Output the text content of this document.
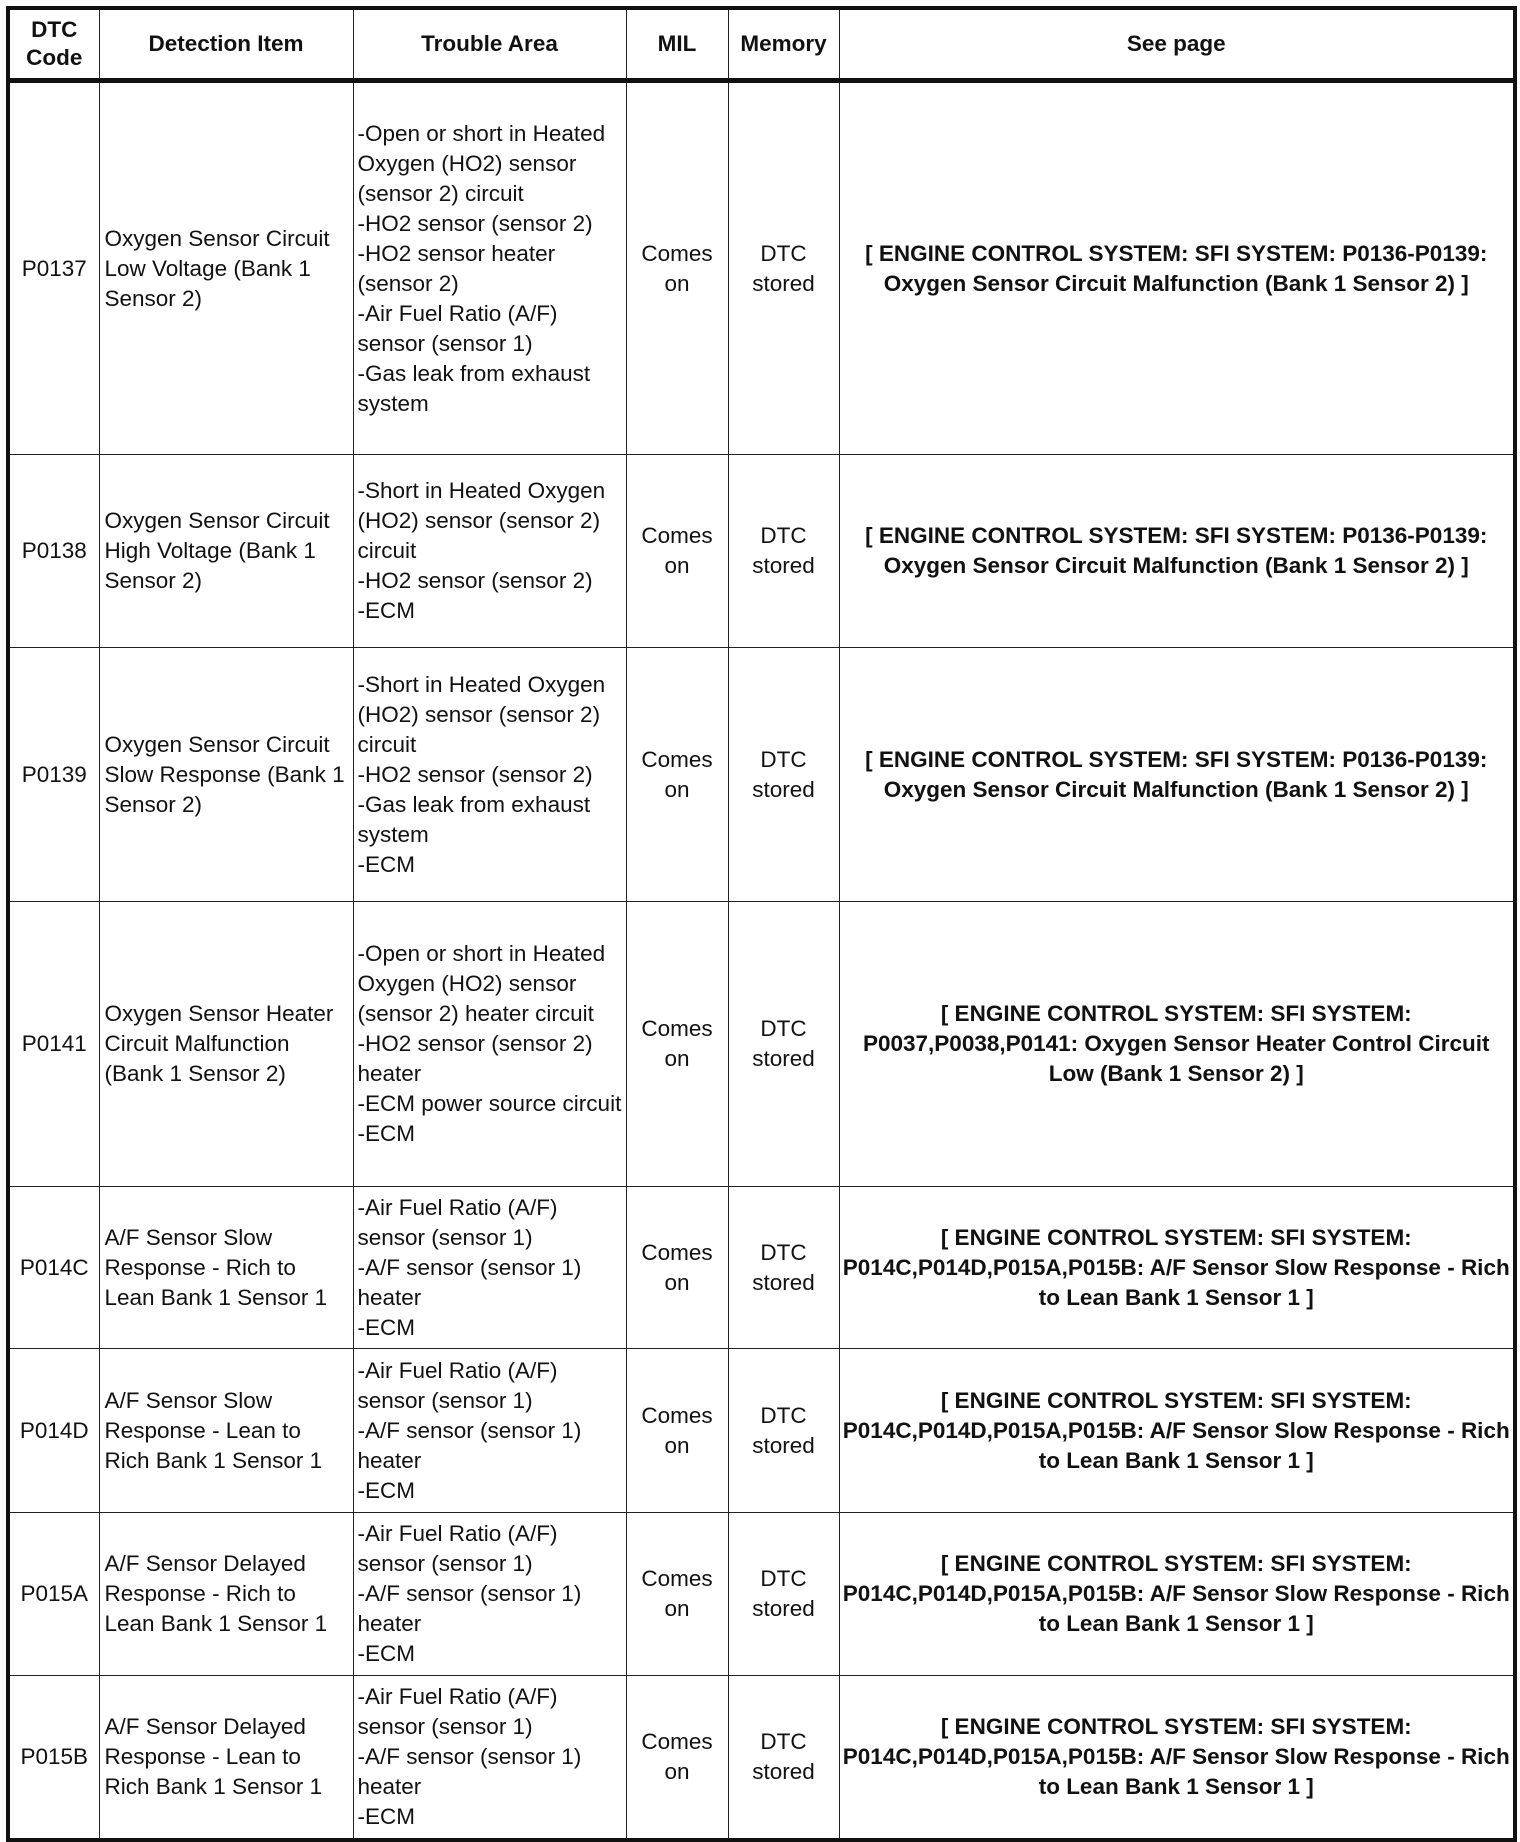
DTC Code	Detection Item	Trouble Area	MIL	Memory	See page
P0137	Oxygen Sensor Circuit Low Voltage (Bank 1 Sensor 2)	-Open or short in Heated Oxygen (HO2) sensor (sensor 2) circuit
-HO2 sensor (sensor 2)
-HO2 sensor heater (sensor 2)
-Air Fuel Ratio (A/F) sensor (sensor 1)
-Gas leak from exhaust system	Comes on	DTC stored	[ ENGINE CONTROL SYSTEM: SFI SYSTEM: P0136-P0139: Oxygen Sensor Circuit Malfunction (Bank 1 Sensor 2) ]
P0138	Oxygen Sensor Circuit High Voltage (Bank 1 Sensor 2)	-Short in Heated Oxygen (HO2) sensor (sensor 2) circuit
-HO2 sensor (sensor 2)
-ECM	Comes on	DTC stored	[ ENGINE CONTROL SYSTEM: SFI SYSTEM: P0136-P0139: Oxygen Sensor Circuit Malfunction (Bank 1 Sensor 2) ]
P0139	Oxygen Sensor Circuit Slow Response (Bank 1 Sensor 2)	-Short in Heated Oxygen (HO2) sensor (sensor 2) circuit
-HO2 sensor (sensor 2)
-Gas leak from exhaust system
-ECM	Comes on	DTC stored	[ ENGINE CONTROL SYSTEM: SFI SYSTEM: P0136-P0139: Oxygen Sensor Circuit Malfunction (Bank 1 Sensor 2) ]
P0141	Oxygen Sensor Heater Circuit Malfunction (Bank 1 Sensor 2)	-Open or short in Heated Oxygen (HO2) sensor (sensor 2) heater circuit
-HO2 sensor (sensor 2) heater
-ECM power source circuit
-ECM	Comes on	DTC stored	[ ENGINE CONTROL SYSTEM: SFI SYSTEM: P0037,P0038,P0141: Oxygen Sensor Heater Control Circuit Low (Bank 1 Sensor 2) ]
P014C	A/F Sensor Slow Response - Rich to Lean Bank 1 Sensor 1	-Air Fuel Ratio (A/F) sensor (sensor 1)
-A/F sensor (sensor 1) heater
-ECM	Comes on	DTC stored	[ ENGINE CONTROL SYSTEM: SFI SYSTEM: P014C,P014D,P015A,P015B: A/F Sensor Slow Response - Rich to Lean Bank 1 Sensor 1 ]
P014D	A/F Sensor Slow Response - Lean to Rich Bank 1 Sensor 1	-Air Fuel Ratio (A/F) sensor (sensor 1)
-A/F sensor (sensor 1) heater
-ECM	Comes on	DTC stored	[ ENGINE CONTROL SYSTEM: SFI SYSTEM: P014C,P014D,P015A,P015B: A/F Sensor Slow Response - Rich to Lean Bank 1 Sensor 1 ]
P015A	A/F Sensor Delayed Response - Rich to Lean Bank 1 Sensor 1	-Air Fuel Ratio (A/F) sensor (sensor 1)
-A/F sensor (sensor 1) heater
-ECM	Comes on	DTC stored	[ ENGINE CONTROL SYSTEM: SFI SYSTEM: P014C,P014D,P015A,P015B: A/F Sensor Slow Response - Rich to Lean Bank 1 Sensor 1 ]
P015B	A/F Sensor Delayed Response - Lean to Rich Bank 1 Sensor 1	-Air Fuel Ratio (A/F) sensor (sensor 1)
-A/F sensor (sensor 1) heater
-ECM	Comes on	DTC stored	[ ENGINE CONTROL SYSTEM: SFI SYSTEM: P014C,P014D,P015A,P015B: A/F Sensor Slow Response - Rich to Lean Bank 1 Sensor 1 ]
